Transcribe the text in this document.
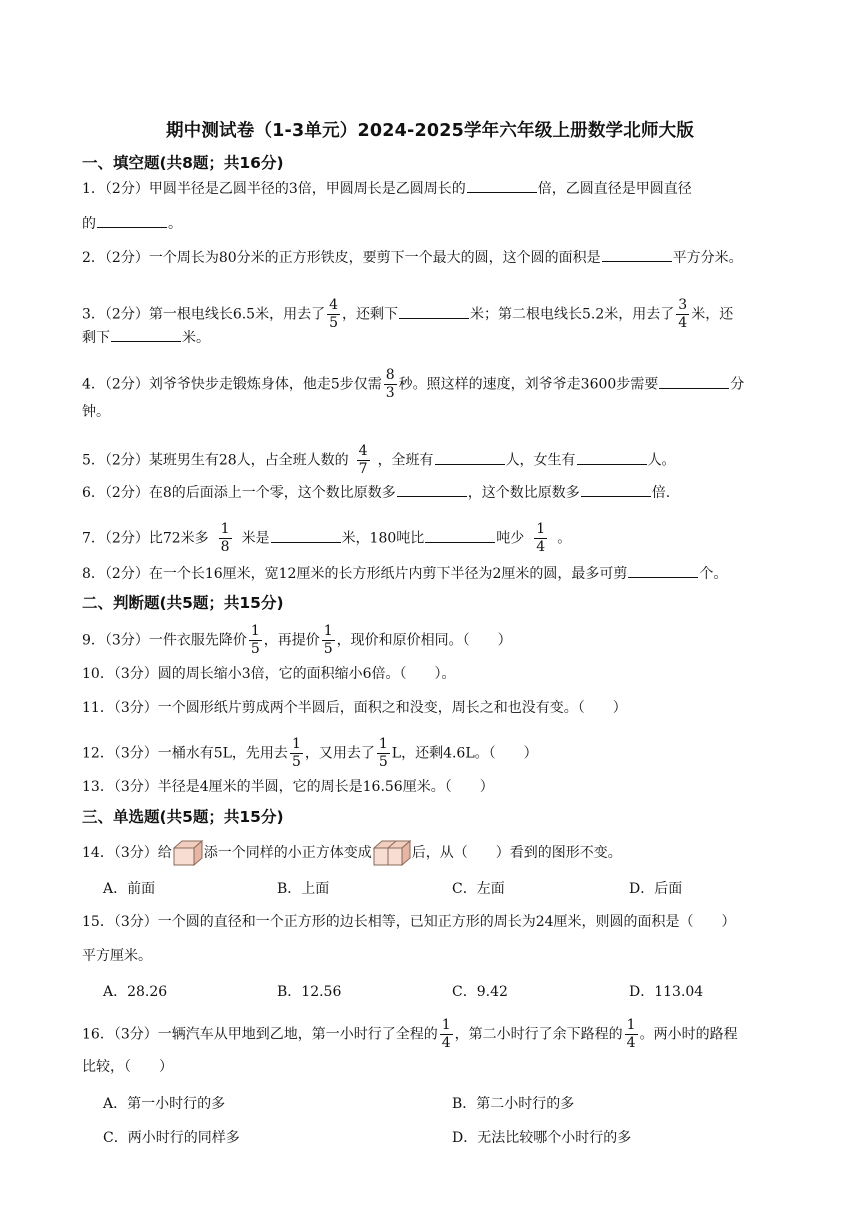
期中测试卷（1-3单元）2024-2025学年六年级上册数学北师大版
一、填空题(共8题；共16分)
1．（2分）甲圆半径是乙圆半径的3倍，甲圆周长是乙圆周长的	倍，乙圆直径是甲圆直径
的	。
2．（2分）一个周长为80分米的正方形铁皮，要剪下一个最大的圆，这个圆的面积是	平方分米。
3．（2分）第一根电线长6.5米，用去了 $\frac{4}{5}$ ，还剩下	米；第二根电线长5.2米，用去了 $\frac{3}{4}$ 米，还
剩下	米。
4．（2分）刘爷爷快步走锻炼身体，他走5步仅需 $\frac{8}{3}$ 秒。照这样的速度，刘爷爷走3600步需要	分
钟。
5．（2分）某班男生有28人，占全班人数的 $\frac{4}{7}$ ，全班有	人，女生有	人。
6．（2分）在8的后面添上一个零，这个数比原数多	，这个数比原数多	倍.
7．（2分）比72米多 $\frac{1}{8}$ 米是	米，180吨比	吨少 $\frac{1}{4}$ 。
8．（2分）在一个长16厘米，宽12厘米的长方形纸片内剪下半径为2厘米的圆，最多可剪	个。
二、判断题(共5题；共15分)
9．（3分）一件衣服先降价 $\frac{1}{5}$ ，再提价 $\frac{1}{5}$ ，现价和原价相同。（　　）
10．（3分）圆的周长缩小3倍，它的面积缩小6倍。（　　）。
11．（3分）一个圆形纸片剪成两个半圆后，面积之和没变，周长之和也没有变。（　　）
12．（3分）一桶水有5L，先用去 $\frac{1}{5}$ ，又用去了 $\frac{1}{5}$ L，还剩4.6L。（　　）
13．（3分）半径是4厘米的半圆，它的周长是16.56厘米。（　　）
三、单选题(共5题；共15分)
14．（3分）给 添一个同样的小正方体变成	后，从（　　）看到的图形不变。
A．前面	B．上面	C．左面	D．后面
15．（3分）一个圆的直径和一个正方形的边长相等，已知正方形的周长为24厘米，则圆的面积是（　　）
平方厘米。
A．28.26	B．12.56	C．9.42	D．113.04
16．（3分）一辆汽车从甲地到乙地，第一小时行了全程的 $\frac{1}{4}$ ，第二小时行了余下路程的 $\frac{1}{4}$ 。两小时的路程
比较，（　　）
A．第一小时行的多	B．第二小时行的多
C．两小时行的同样多	D．无法比较哪个小时行的多
